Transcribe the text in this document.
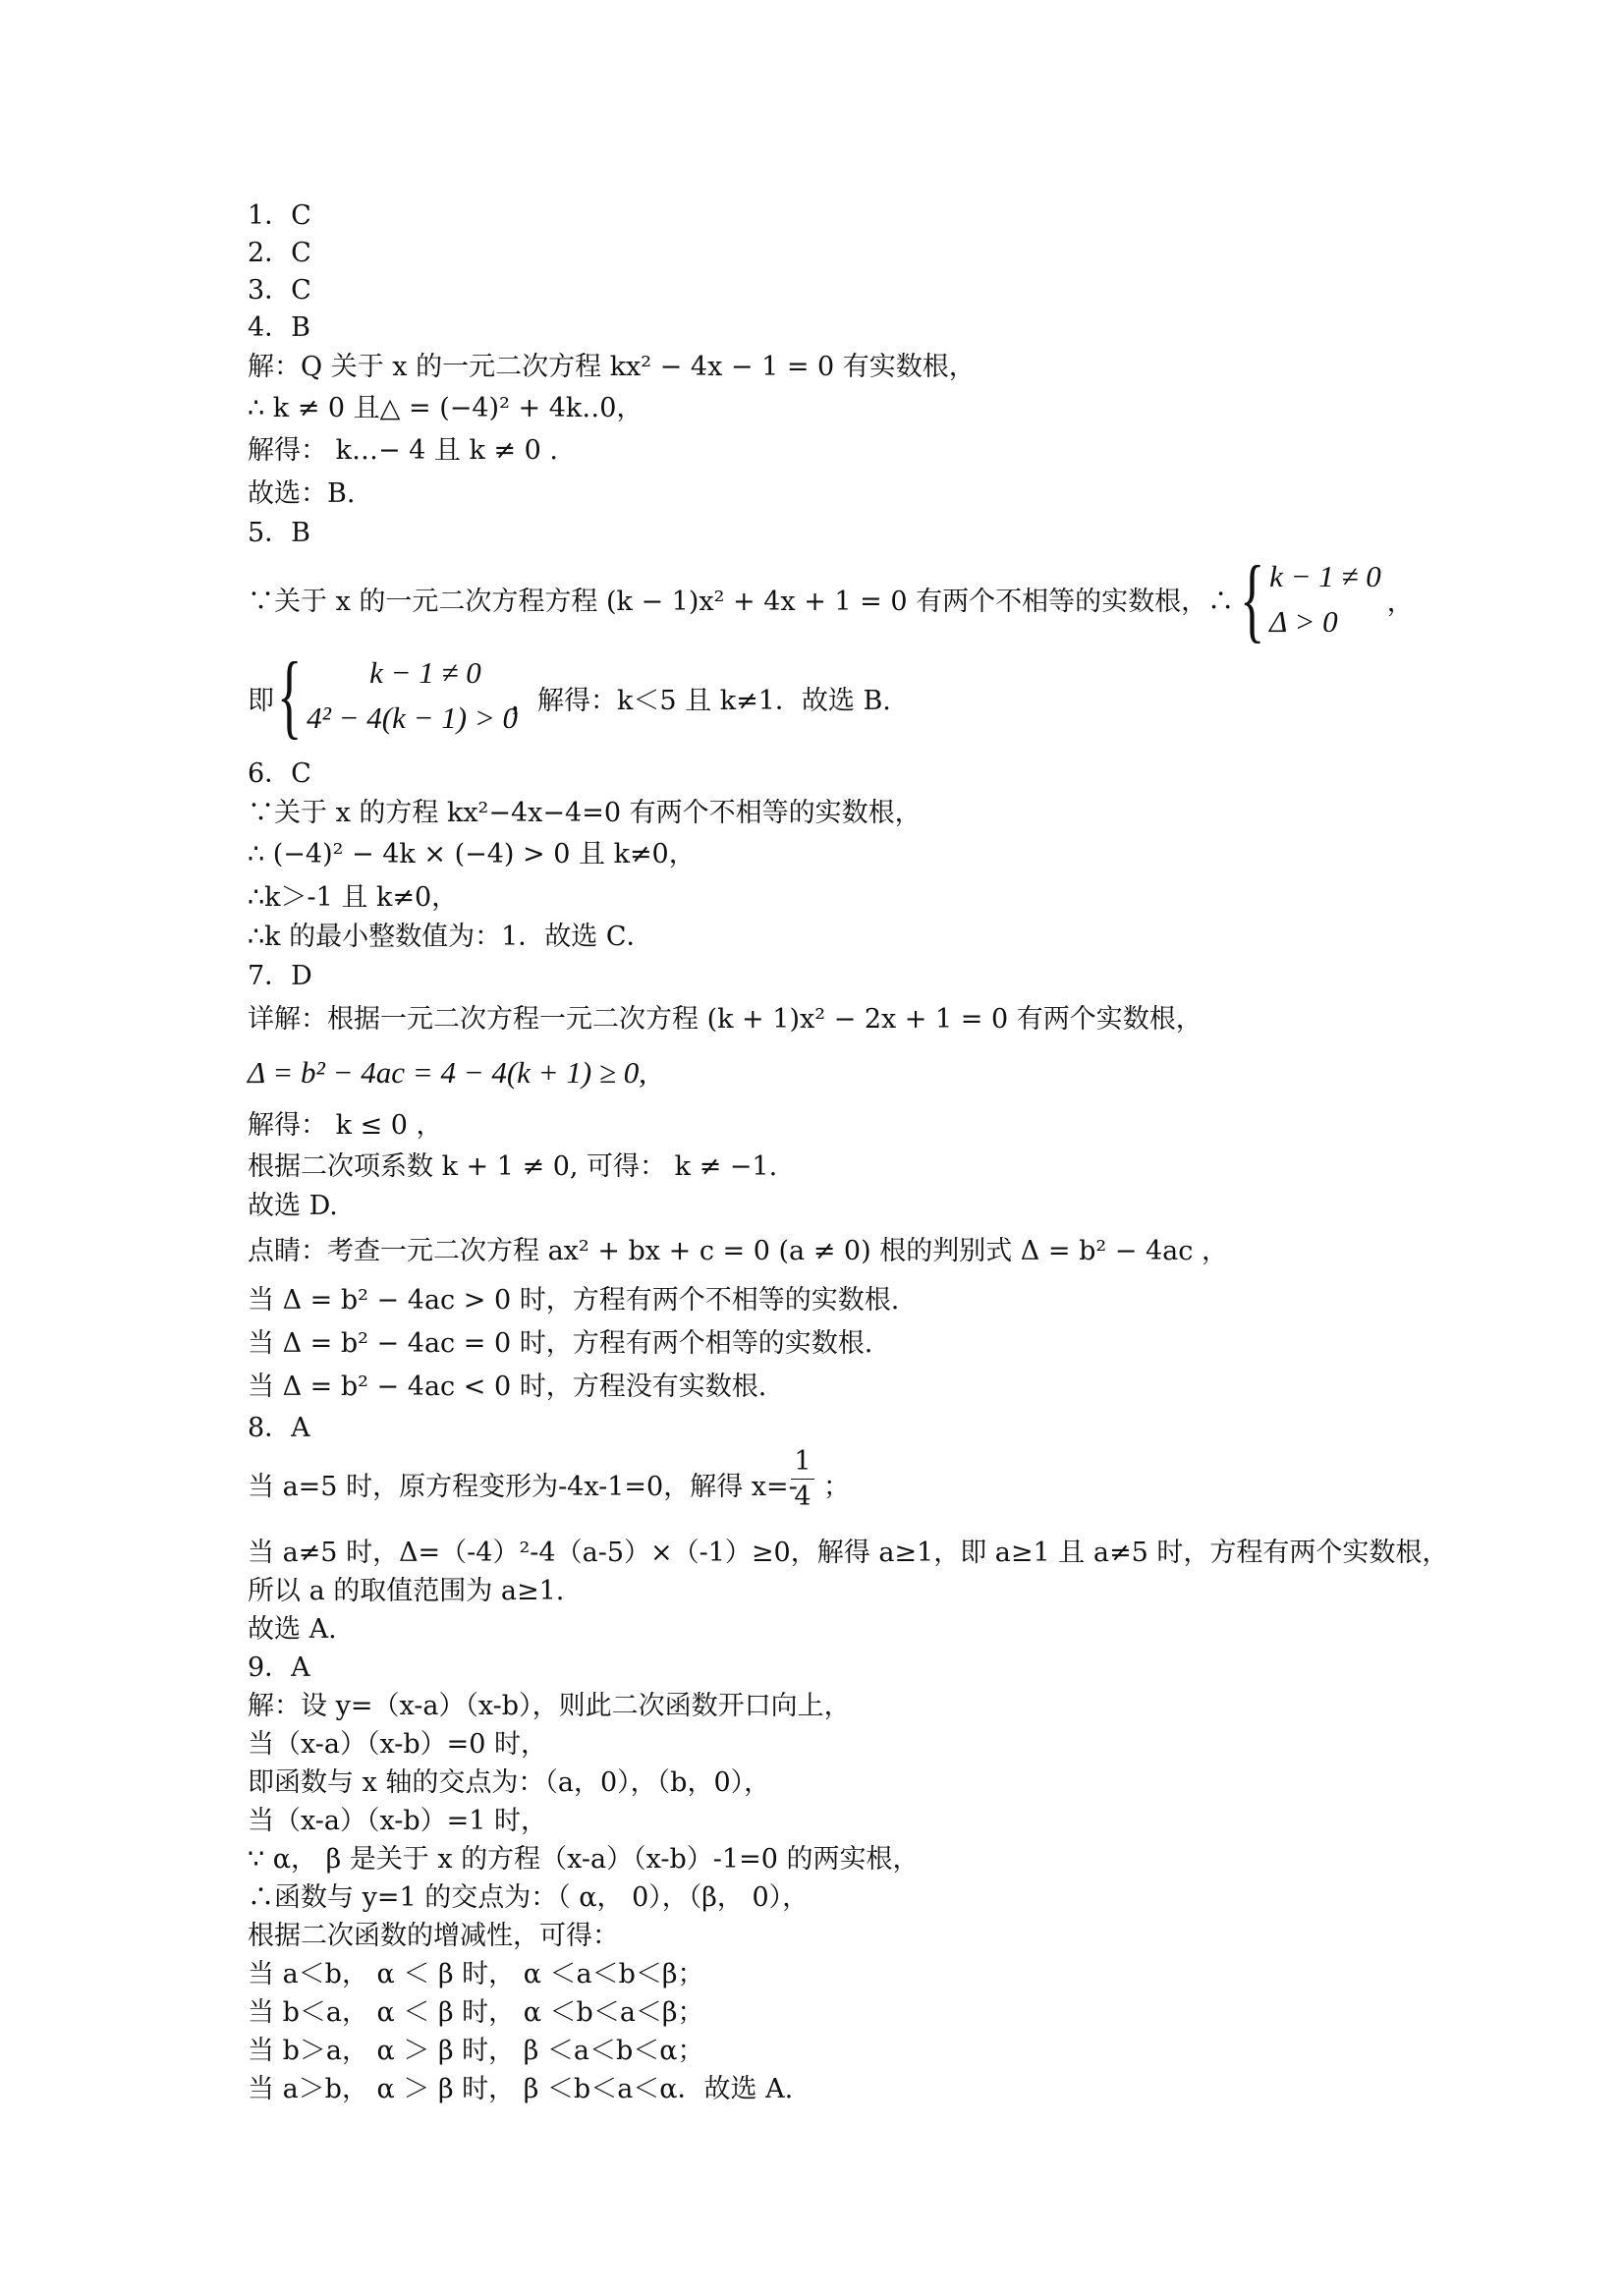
1．C
2．C
3．C
4．B
解：Q 关于 x 的一元二次方程 kx² − 4x − 1 = 0 有实数根，
∴ k ≠ 0 且△ = (−4)² + 4k‥0，
解得： k…− 4 且 k ≠ 0 .
故选：B.
5．B
∵关于 x 的一元二次方程方程 (k − 1)x² + 4x + 1 = 0 有两个不相等的实数根，∴ { k − 1 ≠ 0
Δ > 0
，
即 {	k − 1 ≠ 0
4² − 4(k − 1) > 0
，解得：k＜5 且 k≠1．故选 B.
6．C
∵关于 x 的方程 kx²−4x−4=0 有两个不相等的实数根，
∴ (−4)² − 4k × (−4) > 0 且 k≠0，
∴k＞-1 且 k≠0，
∴k 的最小整数值为：1．故选 C．
7．D
详解：根据一元二次方程一元二次方程 (k + 1)x² − 2x + 1 = 0 有两个实数根，
Δ = b² − 4ac = 4 − 4(k + 1) ≥ 0,
解得： k ≤ 0 ，
根据二次项系数 k + 1 ≠ 0, 可得： k ≠ −1.
故选 D.
点睛：考查一元二次方程 ax² + bx + c = 0 (a ≠ 0) 根的判别式 Δ = b² − 4ac ，
当 Δ = b² − 4ac > 0 时，方程有两个不相等的实数根.
当 Δ = b² − 4ac = 0 时，方程有两个相等的实数根.
当 Δ = b² − 4ac < 0 时，方程没有实数根.
8．A
当 a=5 时，原方程变形为-4x-1=0，解得 x=-
1
4 ；
当 a≠5 时，Δ=（-4）²-4（a-5）×（-1）≥0，解得 a≥1，即 a≥1 且 a≠5 时，方程有两个实数根，
所以 a 的取值范围为 a≥1.
故选 A.
9．A
解：设 y=（x-a）（x-b），则此二次函数开口向上，
当（x-a）（x-b）=0 时，
即函数与 x 轴的交点为：（a，0），（b，0），
当（x-a）（x-b）=1 时，
∵ α， β 是关于 x 的方程（x-a）（x-b）-1=0 的两实根，
∴函数与 y=1 的交点为：（ α， 0），（β， 0），
根据二次函数的增减性，可得：
当 a＜b， α ＜ β 时， α ＜a＜b＜β；
当 b＜a， α ＜ β 时， α ＜b＜a＜β；
当 b＞a， α ＞ β 时， β ＜a＜b＜α；
当 a＞b， α ＞ β 时， β ＜b＜a＜α．故选 A.
